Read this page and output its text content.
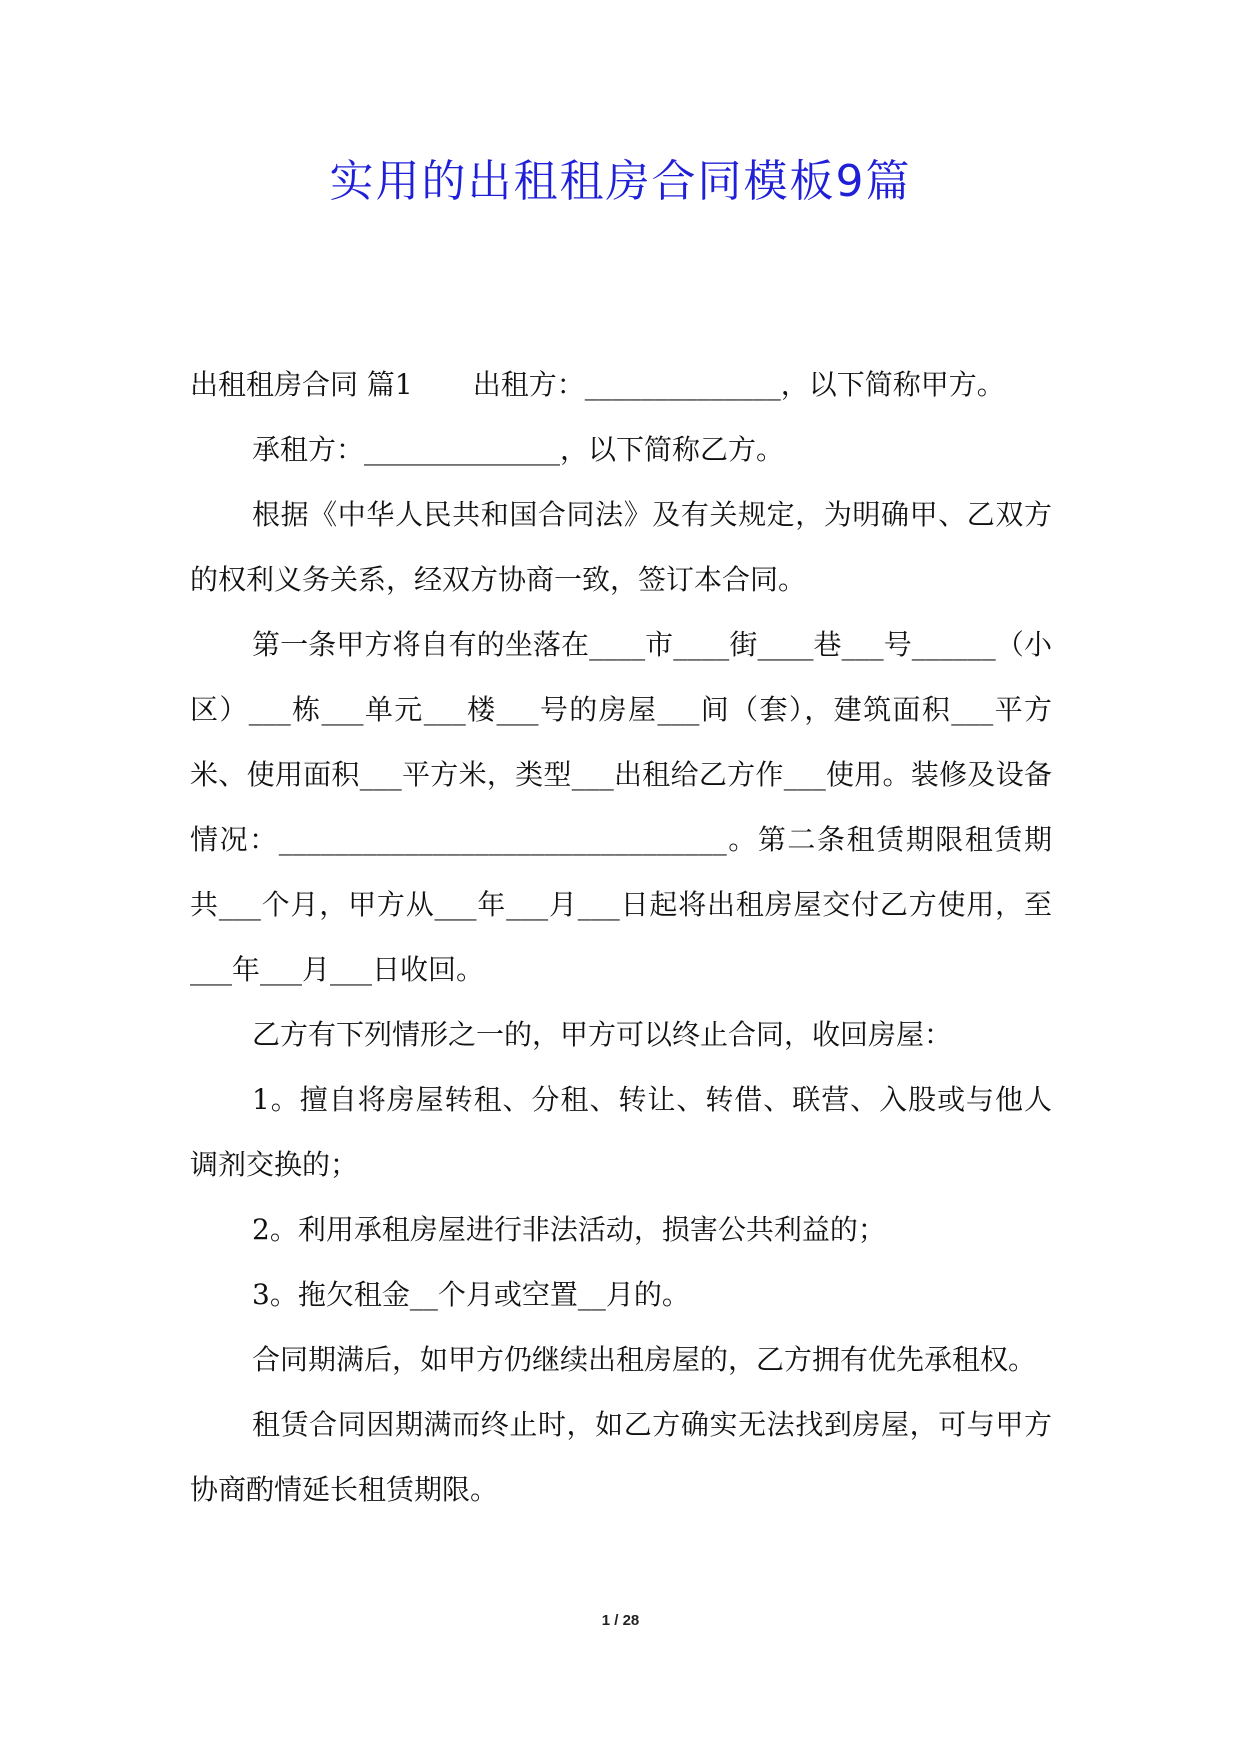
实用的出租租房合同模板9篇

出租租房合同 篇1 出租方：______________，以下简称甲方。

承租方：______________，以下简称乙方。

根据《中华人民共和国合同法》及有关规定，为明确甲、乙双方的权利义务关系，经双方协商一致，签订本合同。

第一条甲方将自有的坐落在____市____街____巷___号______（小区）___栋___单元___楼___号的房屋___间（套），建筑面积___平方米、使用面积___平方米，类型___出租给乙方作___使用。装修及设备情况：________________________________。第二条租赁期限租赁期共___个月，甲方从___年___月___日起将出租房屋交付乙方使用，至___年___月___日收回。

乙方有下列情形之一的，甲方可以终止合同，收回房屋：

1。擅自将房屋转租、分租、转让、转借、联营、入股或与他人调剂交换的；

2。利用承租房屋进行非法活动，损害公共利益的；

3。拖欠租金__个月或空置__月的。

合同期满后，如甲方仍继续出租房屋的，乙方拥有优先承租权。

租赁合同因期满而终止时，如乙方确实无法找到房屋，可与甲方协商酌情延长租赁期限。

1 / 28
